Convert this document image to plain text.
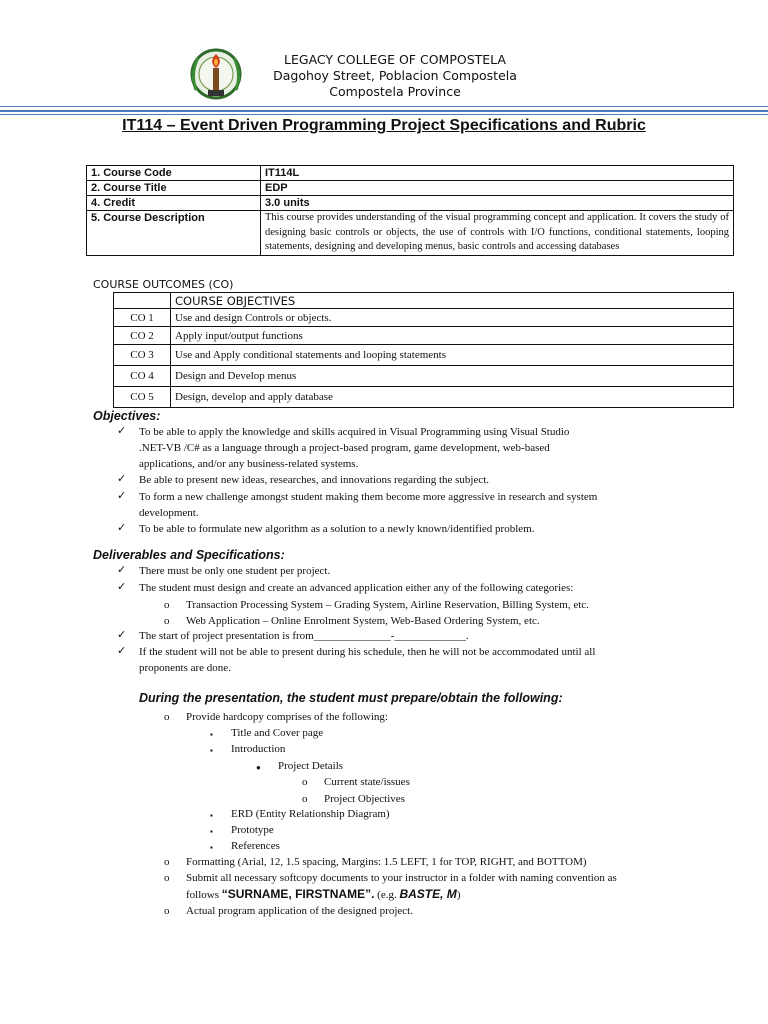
LEGACY COLLEGE OF COMPOSTELA
Dagohoy Street, Poblacion Compostela
Compostela Province
IT114 – Event Driven Programming Project Specifications and Rubric
1. Course Code	IT114L
2. Course Title	EDP
4. Credit	3.0 units
5. Course Description	This course provides understanding of the visual programming concept and application. It covers the study of designing basic controls or objects, the use of controls with I/O functions, conditional statements, looping statements, designing and developing menus, basic controls and accessing databases
COURSE OUTCOMES (CO)
	COURSE OBJECTIVES
CO 1	Use and design Controls or objects.
CO 2	Apply input/output functions
CO 3	Use and Apply conditional statements and looping statements
CO 4	Design and Develop menus
CO 5	Design, develop and apply database
Objectives:
✓ To be able to apply the knowledge and skills acquired in Visual Programming using Visual Studio
.NET-VB /C# as a language through a project-based program, game development, web-based
applications, and/or any business-related systems.
✓ Be able to present new ideas, researches, and innovations regarding the subject.
✓ To form a new challenge amongst student making them become more aggressive in research and system
development.
✓ To be able to formulate new algorithm as a solution to a newly known/identified problem.
Deliverables and Specifications:
✓ There must be only one student per project.
✓ The student must design and create an advanced application either any of the following categories:
o Transaction Processing System – Grading System, Airline Reservation, Billing System, etc.
o Web Application – Online Enrolment System, Web-Based Ordering System, etc.
✓ The start of project presentation is from______________-_____________.
✓ If the student will not be able to present during his schedule, then he will not be accommodated until all
proponents are done.
During the presentation, the student must prepare/obtain the following:
o Provide hardcopy comprises of the following:
▪ Title and Cover page
▪ Introduction
● Project Details
o Current state/issues
o Project Objectives
▪ ERD (Entity Relationship Diagram)
▪ Prototype
▪ References
o Formatting (Arial, 12, 1.5 spacing, Margins: 1.5 LEFT, 1 for TOP, RIGHT, and BOTTOM)
o Submit all necessary softcopy documents to your instructor in a folder with naming convention as
follows “SURNAME, FIRSTNAME”. (e.g. BASTE, M)
o Actual program application of the designed project.
